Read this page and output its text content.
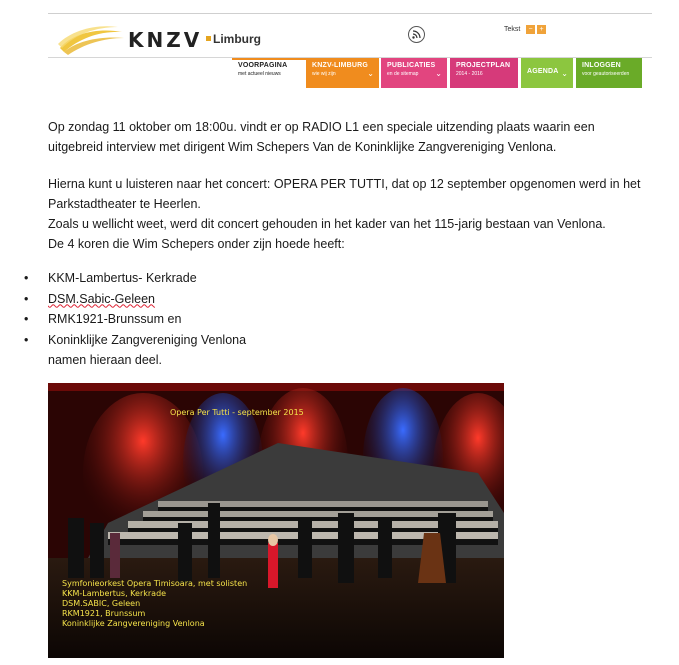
KNZV Limburg
Tekst	− +
VOORPAGINA
met actueel nieuws
KNZV-LIMBURG
wie wij zijn	⌄
PUBLICATIES
en de sitemap	⌄
PROJECTPLAN
2014 - 2016	AGENDA ⌄
INLOGGEN
voor geautoriseerden
Op zondag 11 oktober om 18:00u. vindt er op RADIO L1 een speciale uitzending plaats waarin een uitgebreid interview met dirigent Wim Schepers Van de Koninklijke Zangvereniging Venlona.
Hierna kunt u luisteren naar het concert: OPERA PER TUTTI, dat op 12 september opgenomen werd in het Parkstadtheater te Heerlen.
Zoals u wellicht weet, werd dit concert gehouden in het kader van het 115-jarig bestaan van Venlona.
De 4 koren die Wim Schepers onder zijn hoede heeft:
• KKM-Lambertus- Kerkrade
• DSM.Sabic-Geleen
• RMK1921-Brunssum en
• Koninklijke Zangvereniging Venlona
namen hieraan deel.
Opera Per Tutti - september 2015
Symfonieorkest Opera Timisoara, met solisten
KKM-Lambertus, Kerkrade
DSM.SABIC, Geleen
RKM1921, Brunssum
Koninklijke Zangvereniging Venlona
